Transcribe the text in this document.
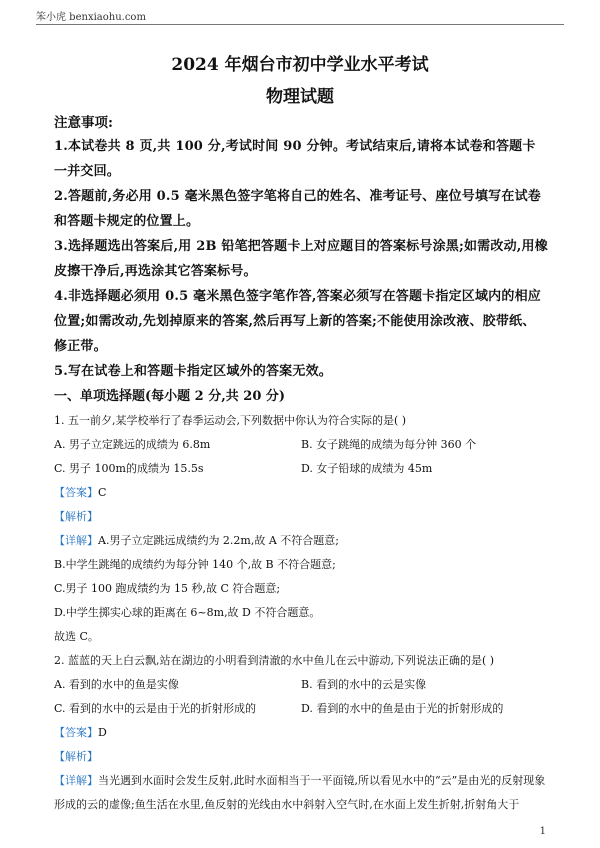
笨小虎 benxiaohu.com
2024 年烟台市初中学业水平考试
物理试题
注意事项:
1.本试卷共 8 页,共 100 分,考试时间 90 分钟。考试结束后,请将本试卷和答题卡一并交回。
2.答题前,务必用 0.5 毫米黑色签字笔将自己的姓名、准考证号、座位号填写在试卷和答题卡规定的位置上。
3.选择题选出答案后,用 2B 铅笔把答题卡上对应题目的答案标号涂黑;如需改动,用橡皮擦干净后,再选涂其它答案标号。
4.非选择题必须用 0.5 毫米黑色签字笔作答,答案必须写在答题卡指定区域内的相应位置;如需改动,先划掉原来的答案,然后再写上新的答案;不能使用涂改液、胶带纸、修正带。
5.写在试卷上和答题卡指定区域外的答案无效。
一、单项选择题(每小题 2 分,共 20 分)
1. 五一前夕,某学校举行了春季运动会,下列数据中你认为符合实际的是( )
A. 男子立定跳远的成绩为 6.8m	B. 女子跳绳的成绩为每分钟 360 个
C. 男子 100m的成绩为 15.5s	D. 女子铅球的成绩为 45m
【答案】C
【解析】
【详解】A.男子立定跳远成绩约为 2.2m,故 A 不符合题意;
B.中学生跳绳的成绩约为每分钟 140 个,故 B 不符合题意;
C.男子 100 跑成绩约为 15 秒,故 C 符合题意;
D.中学生掷实心球的距离在 6~8m,故 D 不符合题意。
故选 C。
2. 蓝蓝的天上白云飘,站在湖边的小明看到清澈的水中鱼儿在云中游动,下列说法正确的是( )
A. 看到的水中的鱼是实像	B. 看到的水中的云是实像
C. 看到的水中的云是由于光的折射形成的	D. 看到的水中的鱼是由于光的折射形成的
【答案】D
【解析】
【详解】当光遇到水面时会发生反射,此时水面相当于一平面镜,所以看见水中的“云”是由光的反射现象形成的云的虚像;鱼生活在水里,鱼反射的光线由水中斜射入空气时,在水面上发生折射,折射角大于
1
